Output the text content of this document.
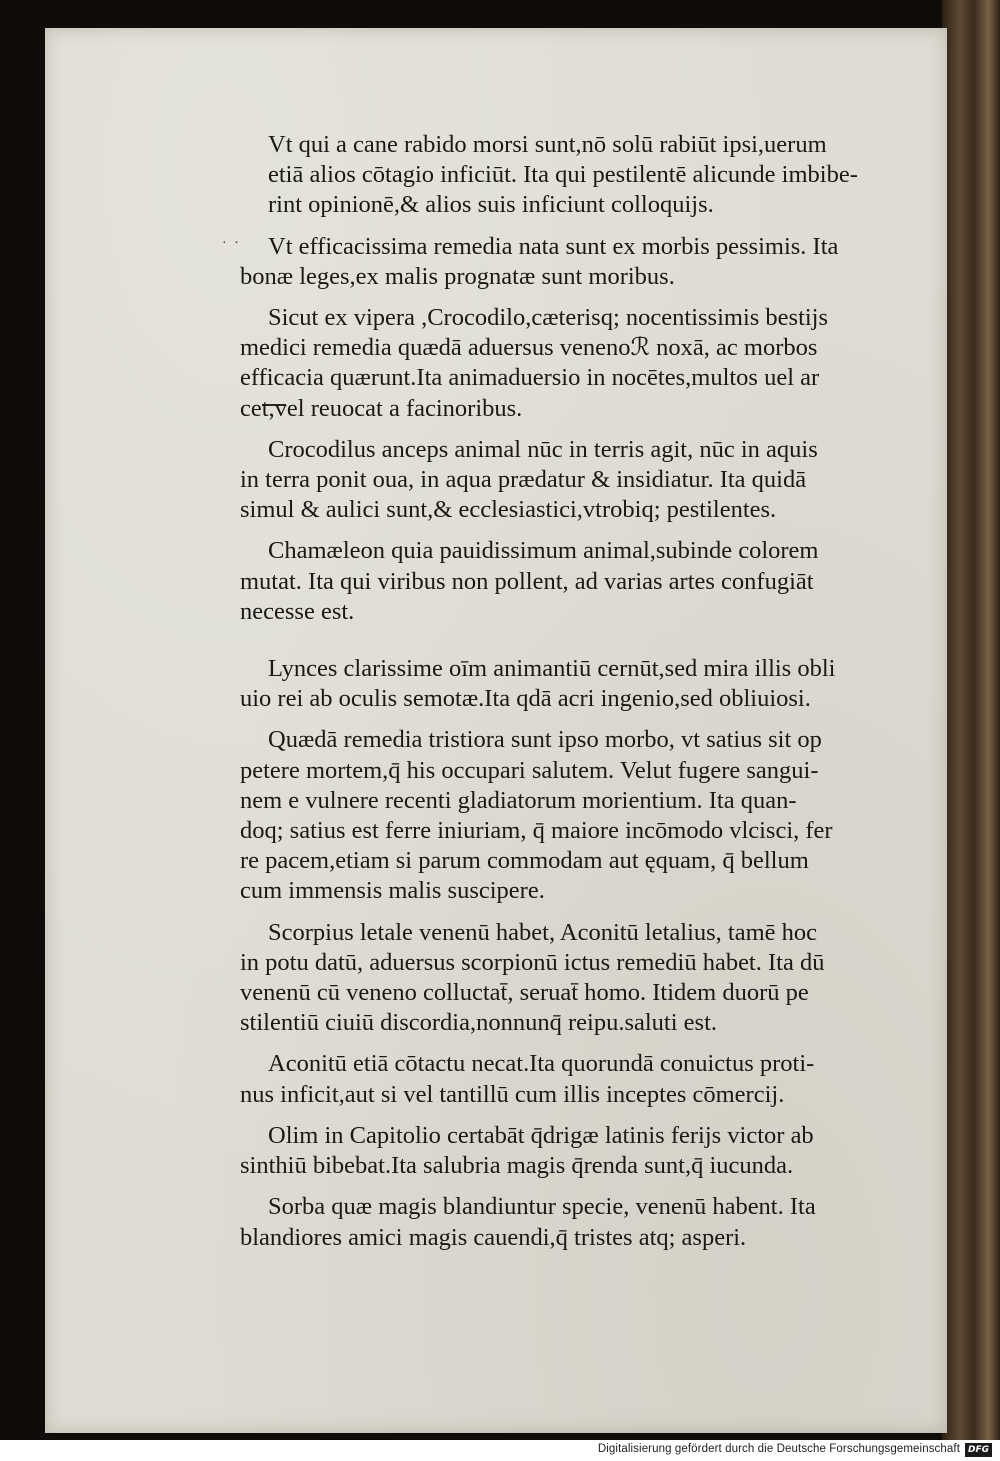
· ·
Vt qui a cane rabido morsi sunt,nō solū rabiūt ipsi,uerum
etiā alios cōtagio inficiūt. Ita qui pestilentē alicunde imbibe-
rint opinionē,& alios suis inficiunt colloquijs.
Vt efficacissima remedia nata sunt ex morbis pessimis. Ita
bonæ leges,ex malis prognatæ sunt moribus.
Sicut ex vipera ,Crocodilo,cæterisq; nocentissimis bestijs
medici remedia quædā aduersus venenoℛ noxā, ac morbos
efficacia quærunt.Ita animaduersio in nocētes,multos uel ar
cet,vel reuocat a facinoribus.
Crocodilus anceps animal nūc in terris agit, nūc in aquis
in terra ponit oua, in aqua prædatur & insidiatur. Ita quidā
simul & aulici sunt,& ecclesiastici,vtrobiq; pestilentes.
Chamæleon quia pauidissimum animal,subinde colorem
mutat. Ita qui viribus non pollent, ad varias artes confugiāt
necesse est.
Lynces clarissime oīm animantiū cernūt,sed mira illis obli
uio rei ab oculis semotæ.Ita qdā acri ingenio,sed obliuiosi.
Quædā remedia tristiora sunt ipso morbo, vt satius sit op
petere mortem,q̄ his occupari salutem. Velut fugere sangui-
nem e vulnere recenti gladiatorum morientium. Ita quan-
doq; satius est ferre iniuriam, q̄ maiore incōmodo vlcisci, fer
re pacem,etiam si parum commodam aut ęquam, q̄ bellum
cum immensis malis suscipere.
Scorpius letale venenū habet, Aconitū letalius, tamē hoc
in potu datū, aduersus scorpionū ictus remediū habet. Ita dū
venenū cū veneno colluctat̄, seruat̄ homo. Itidem duorū pe
stilentiū ciuiū discordia,nonnunq̄ reipu.saluti est.
Aconitū etiā cōtactu necat.Ita quorundā conuictus proti-
nus inficit,aut si vel tantillū cum illis inceptes cōmercij.
Olim in Capitolio certabāt q̄drigæ latinis ferijs victor ab
sinthiū bibebat.Ita salubria magis q̄renda sunt,q̄ iucunda.
Sorba quæ magis blandiuntur specie, venenū habent. Ita
blandiores amici magis cauendi,q̄ tristes atq; asperi.
Digitalisierung gefördert durch die Deutsche Forschungsgemeinschaft DFG
